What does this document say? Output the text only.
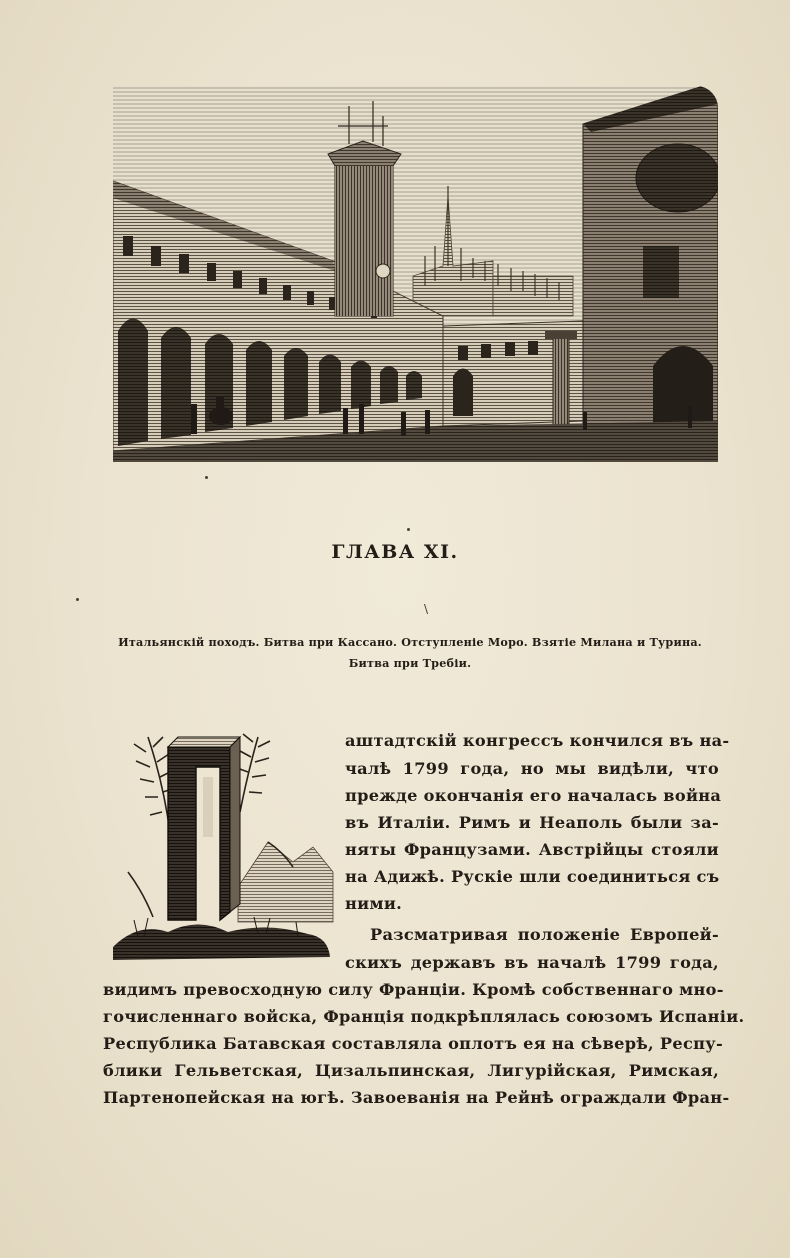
ГЛАВА XI.
\
Итальянскій походъ. Битва при Кассано. Отступленіе Моро. Взятіе Милана и Турина.
Битва при Требіи.
аштадтскій конгрессъ кончился въ на-
чалѣ 1799 года, но мы видѣли, что
прежде окончанія его началась война
въ Италіи. Римъ и Неаполь были за-
няты Французами. Австрійцы стояли
на Адижѣ. Рускіе шли соединиться съ
ними.
Разсматривая положеніе Европей-
скихъ державъ въ началѣ 1799 года,
видимъ превосходную силу Франціи. Кромѣ собственнаго мно-
гочисленнаго войска, Франція подкрѣплялась союзомъ Испаніи.
Республика Батавская составляла оплотъ ея на сѣверѣ, Респу-
блики Гельветская, Цизальпинская, Лигурійская, Римская,
Партенопейская на югѣ. Завоеванія на Рейнѣ ограждали Фран-
